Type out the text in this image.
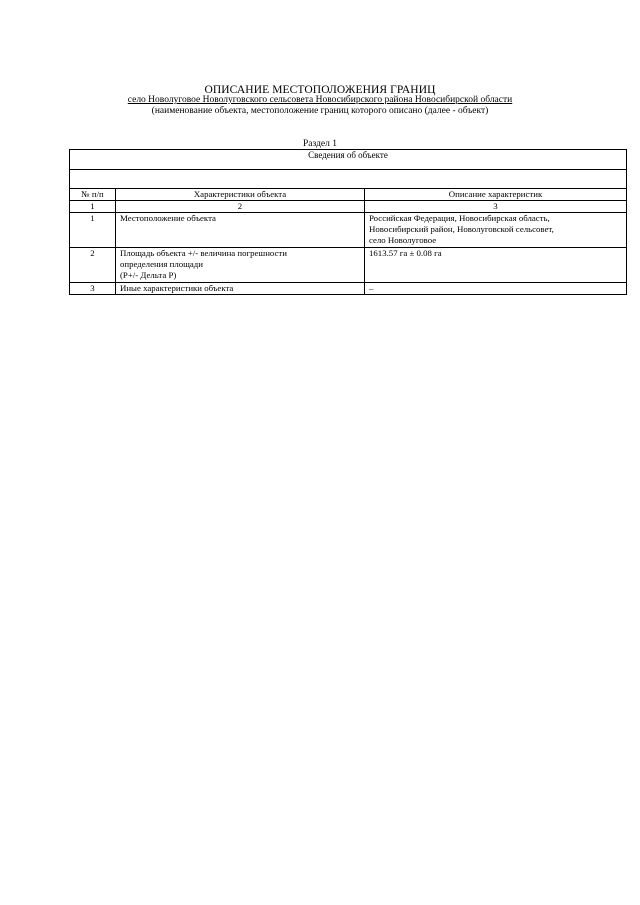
ОПИСАНИЕ МЕСТОПОЛОЖЕНИЯ ГРАНИЦ
село Новолуговое Новолуговского сельсовета Новосибирского района Новосибирской области
(наименование объекта, местоположение границ которого описано (далее - объект)
Раздел 1
Сведения об объекте		

№ п/п	Характеристики объекта	Описание характеристик
1	2	3
1	Местоположение объекта	Российская Федерация, Новосибирская область,
Новосибирский район, Новолуговской сельсовет,
село Новолуговое

2	Площадь объекта +/- величина погрешности
определения площади
(Р+/- Дельта Р)	1613.57 га ± 0.08 га

3	Иные характеристики объекта	–
